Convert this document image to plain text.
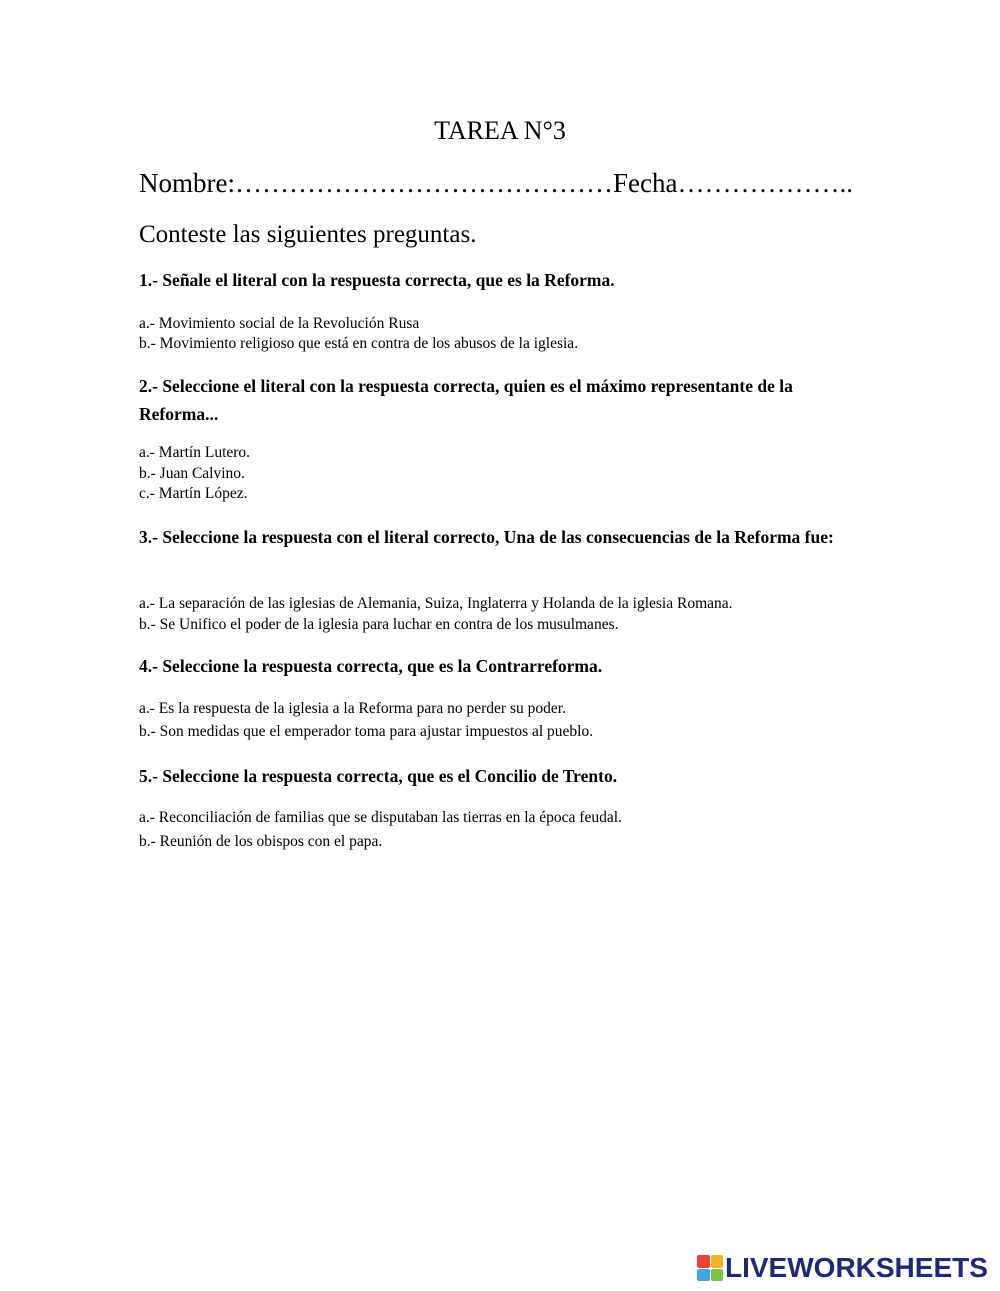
TAREA N°3

Nombre:……………………………………Fecha………………..

Conteste las siguientes preguntas.

1.- Señale el literal con la respuesta correcta, que es la Reforma.

a.- Movimiento social de la Revolución Rusa

b.- Movimiento religioso que está en contra de los abusos de la iglesia.

2.- Seleccione el literal con la respuesta correcta, quien es el máximo representante de la Reforma...

a.- Martín Lutero.

b.- Juan Calvino.

c.- Martín López.

3.- Seleccione la respuesta con el literal correcto, Una de las consecuencias de la Reforma fue:

a.- La separación de las iglesias de Alemania, Suiza, Inglaterra y Holanda de la iglesia Romana.

b.- Se Unifico el poder de la iglesia para luchar en contra de los musulmanes.

4.- Seleccione la respuesta correcta, que es la Contrarreforma.

a.- Es la respuesta de la iglesia a la Reforma para no perder su poder.

b.- Son medidas que el emperador toma para ajustar impuestos al pueblo.

5.- Seleccione la respuesta correcta, que es el Concilio de Trento.

a.- Reconciliación de familias que se disputaban las tierras en la época feudal.

b.- Reunión de los obispos con el papa.

LIVEWORKSHEETS
